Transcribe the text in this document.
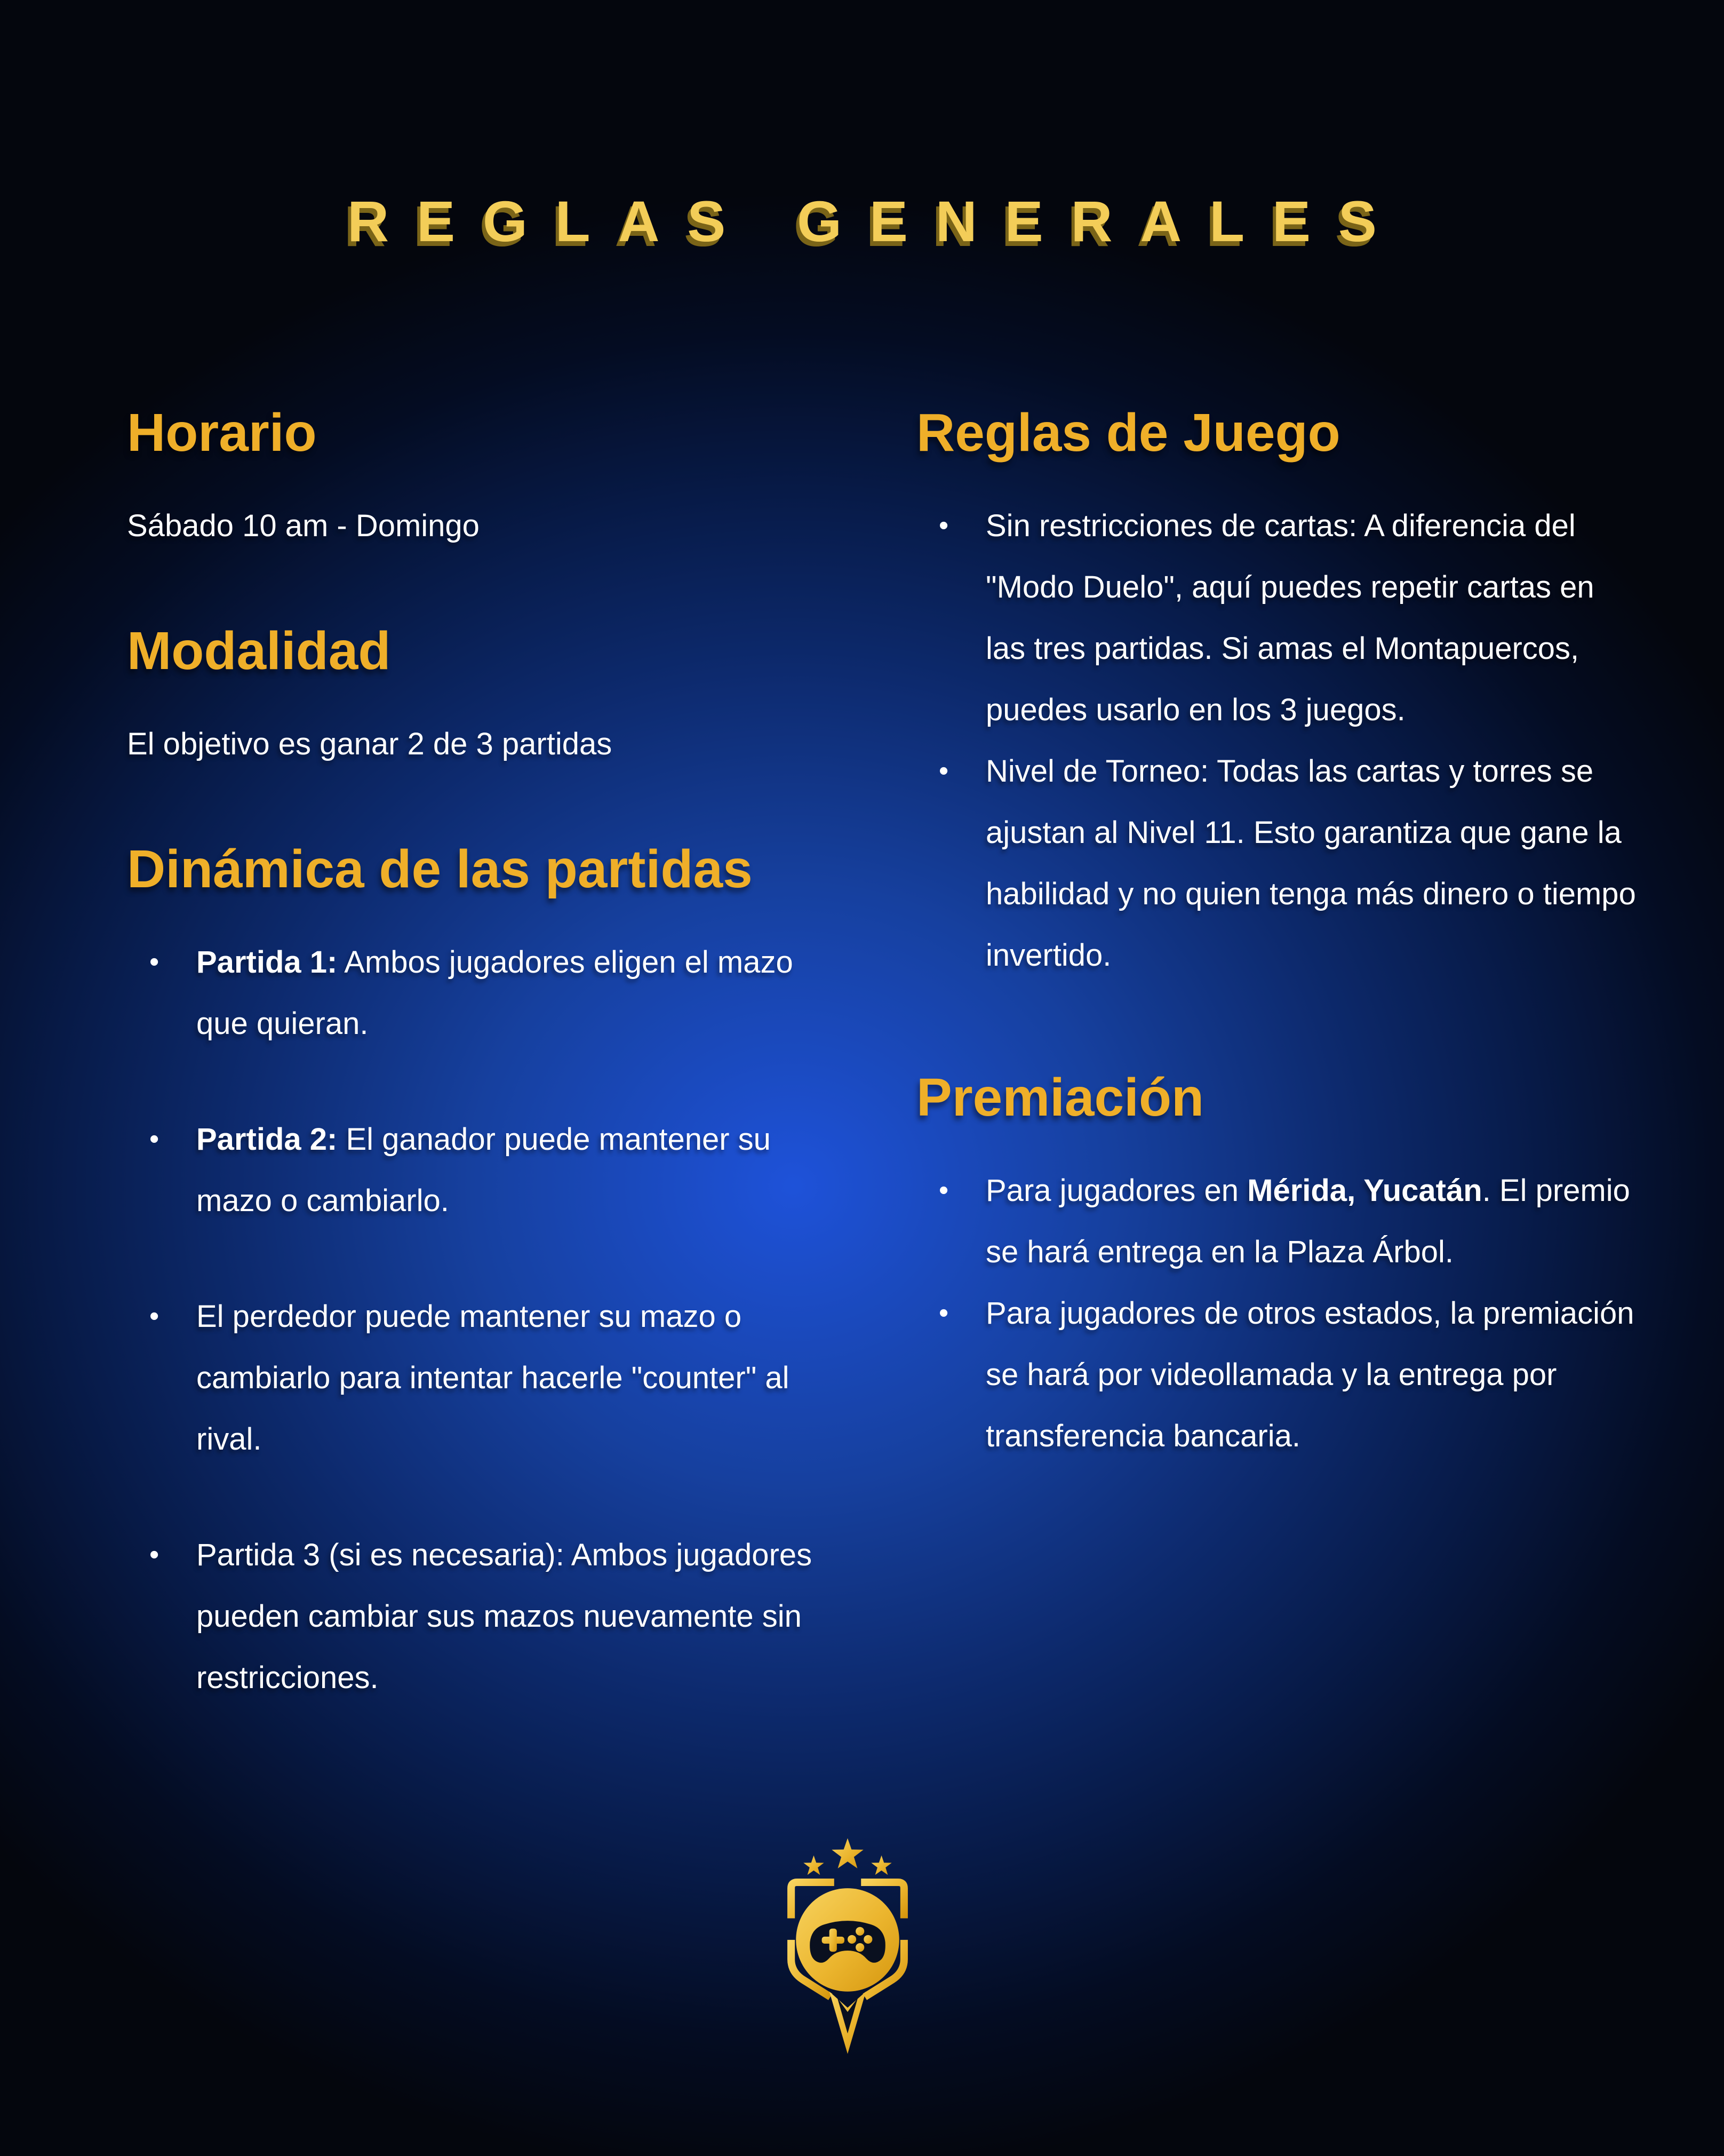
REGLAS GENERALES
Horario

Sábado 10 am - Domingo

Modalidad

El objetivo es ganar 2 de 3 partidas

Dinámica de las partidas
•	Partida 1: Ambos jugadores eligen el mazo que quieran.
•	Partida 2: El ganador puede mantener su mazo o cambiarlo.
•	El perdedor puede mantener su mazo o cambiarlo para intentar hacerle "counter" al rival.
•	Partida 3 (si es necesaria): Ambos jugadores pueden cambiar sus mazos nuevamente sin restricciones.
Reglas de Juego
•	Sin restricciones de cartas: A diferencia del "Modo Duelo", aquí puedes repetir cartas en las tres partidas. Si amas el Montapuercos, puedes usarlo en los 3 juegos.
•	Nivel de Torneo: Todas las cartas y torres se ajustan al Nivel 11. Esto garantiza que gane la habilidad y no quien tenga más dinero o tiempo invertido.
Premiación
•	Para jugadores en Mérida, Yucatán. El premio se hará entrega en la Plaza Árbol.
•	Para jugadores de otros estados, la premiación se hará por videollamada y la entrega por transferencia bancaria.
